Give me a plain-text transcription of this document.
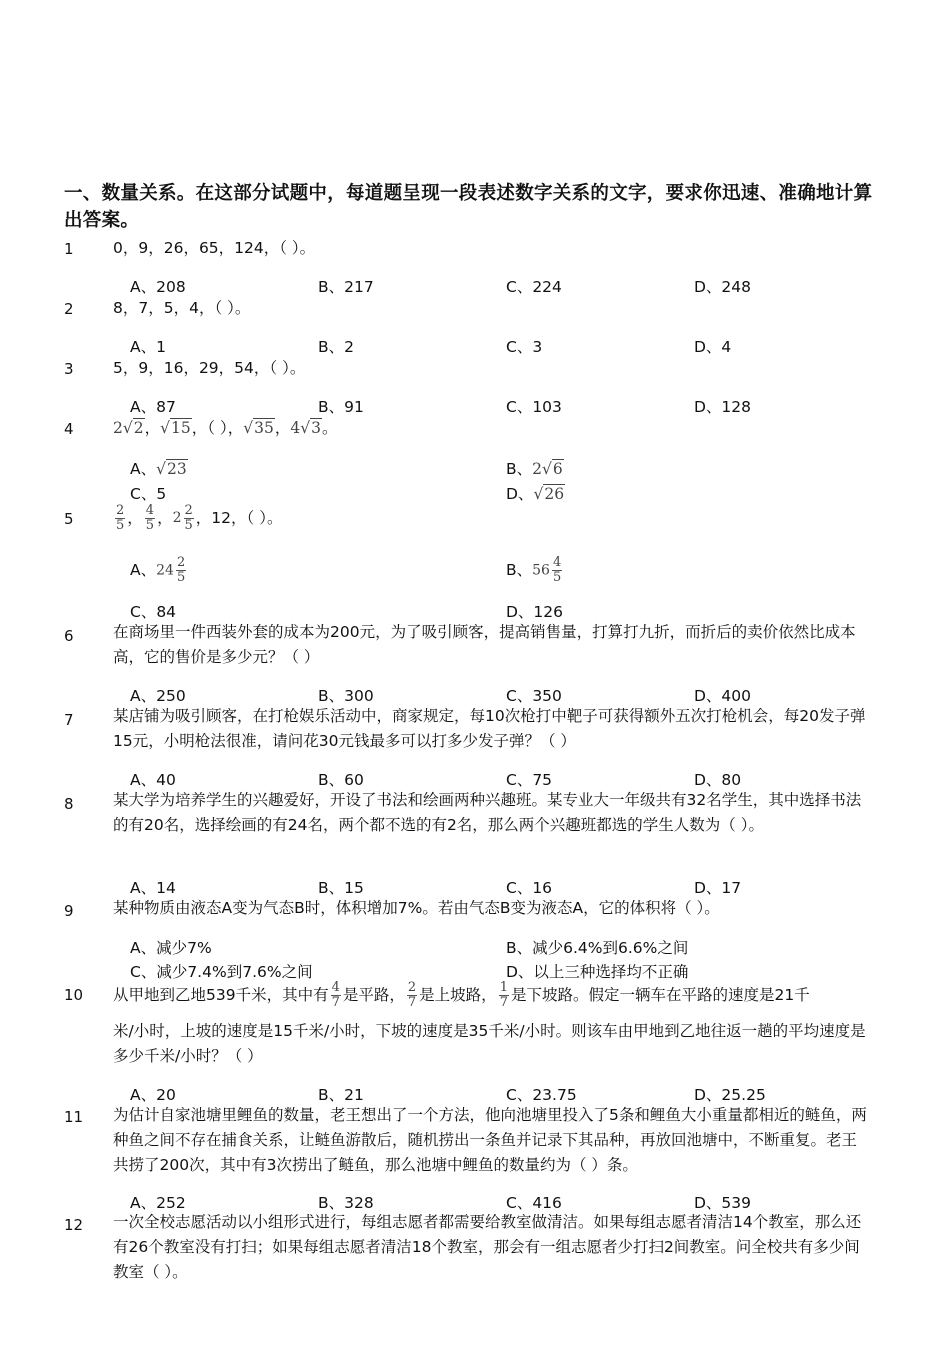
一、数量关系。在这部分试题中，每道题呈现一段表述数字关系的文字，要求你迅速、准确地计算出答案。
1	0，9，26，65，124，（ ）。
A、208	B、217	C、224	D、248
2	8，7，5，4，（ ）。
A、1	B、2	C、3	D、4
3	5，9，16，29，54，（ ）。
A、87	B、91	C、103	D、128
4	2√2，√15，（ ），√35，4√3。
A、√23	B、2√6
C、5	D、√26
5	$\frac{2}{5}$ ， $\frac{4}{5}$ ，$2 \frac{2}{5}$ ，12，（ ）。
A、$24 \frac{2}{5}$	B、$56 \frac{4}{5}$
C、84	D、126
6	在商场里一件西装外套的成本为200元，为了吸引顾客，提高销售量，打算打九折，而折后的卖价依然比成本高，它的售价是多少元？（ ）
A、250	B、300	C、350	D、400
7	某店铺为吸引顾客，在打枪娱乐活动中，商家规定，每10次枪打中靶子可获得额外五次打枪机会，每20发子弹15元，小明枪法很准，请问花30元钱最多可以打多少发子弹？（ ）
A、40	B、60	C、75	D、80
8	某大学为培养学生的兴趣爱好，开设了书法和绘画两种兴趣班。某专业大一年级共有32名学生，其中选择书法的有20名，选择绘画的有24名，两个都不选的有2名，那么两个兴趣班都选的学生人数为（ ）。
A、14	B、15	C、16	D、17
9	某种物质由液态A变为气态B时，体积增加7%。若由气态B变为液态A，它的体积将（ ）。
A、减少7%	B、减少6.4%到6.6%之间
C、减少7.4%到7.6%之间	D、以上三种选择均不正确
10 从甲地到乙地539千米，其中有 $\frac{4}{7}$ 是平路， $\frac{2}{7}$ 是上坡路， $\frac{1}{7}$ 是下坡路。假定一辆车在平路的速度是21千
米/小时，上坡的速度是15千米/小时，下坡的速度是35千米/小时。则该车由甲地到乙地往返一趟的平均速度是多少千米/小时？（ ）
A、20	B、21	C、23.75	D、25.25
11 为估计自家池塘里鲤鱼的数量，老王想出了一个方法，他向池塘里投入了5条和鲤鱼大小重量都相近的鲢鱼，两种鱼之间不存在捕食关系，让鲢鱼游散后，随机捞出一条鱼并记录下其品种，再放回池塘中，不断重复。老王共捞了200次，其中有3次捞出了鲢鱼，那么池塘中鲤鱼的数量约为（ ）条。
A、252	B、328	C、416	D、539
12 一次全校志愿活动以小组形式进行，每组志愿者都需要给教室做清洁。如果每组志愿者清洁14个教室，那么还有26个教室没有打扫；如果每组志愿者清洁18个教室，那会有一组志愿者少打扫2间教室。问全校共有多少间教室（ ）。
